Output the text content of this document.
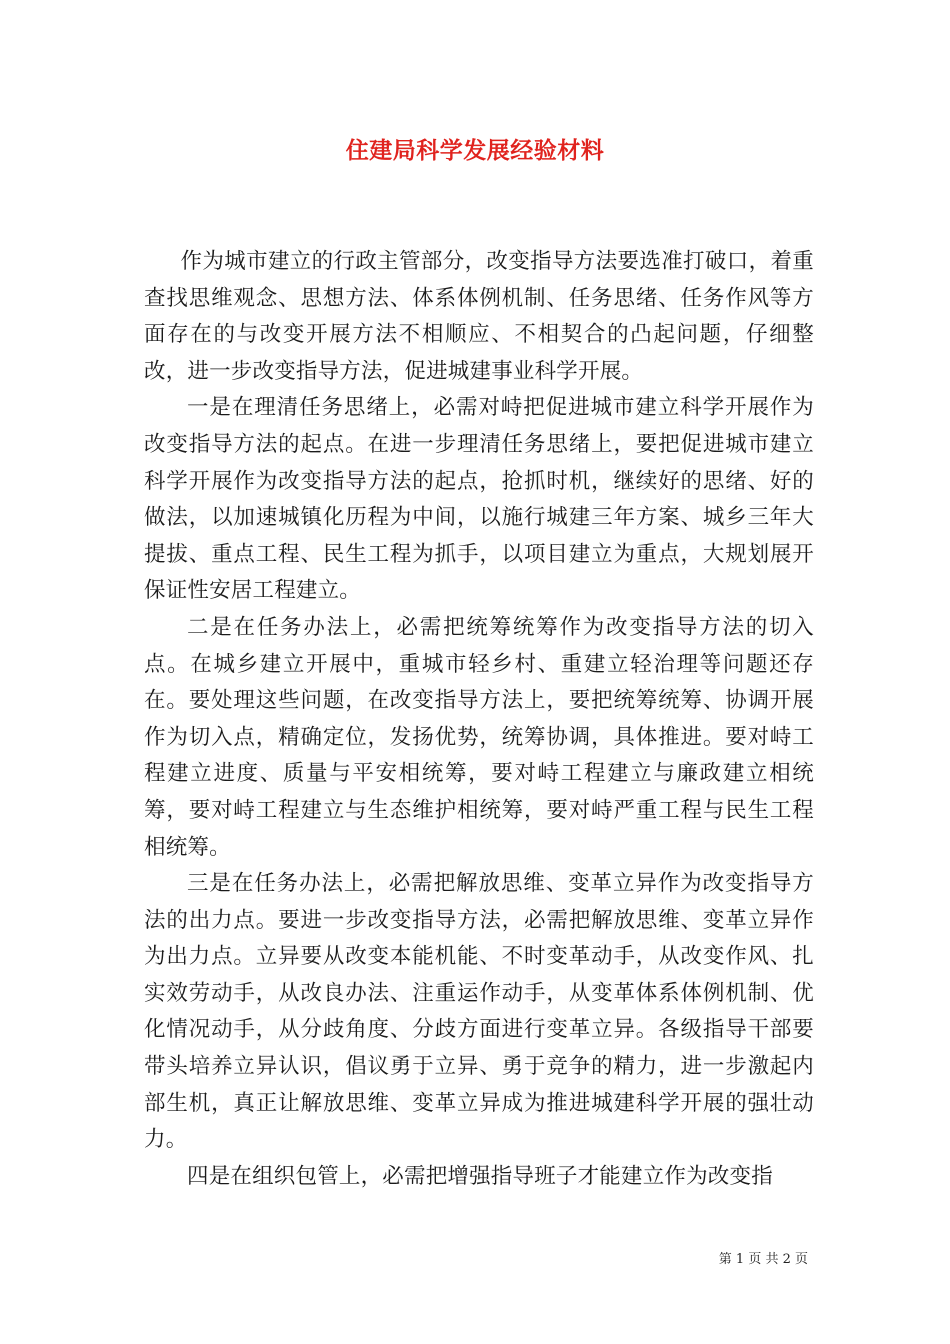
住建局科学发展经验材料

作为城市建立的行政主管部分，改变指导方法要选准打破口，着重查找思维观念、思想方法、体系体例机制、任务思绪、任务作风等方面存在的与改变开展方法不相顺应、不相契合的凸起问题，仔细整改，进一步改变指导方法，促进城建事业科学开展。

一是在理清任务思绪上，必需对峙把促进城市建立科学开展作为改变指导方法的起点。在进一步理清任务思绪上，要把促进城市建立科学开展作为改变指导方法的起点，抢抓时机，继续好的思绪、好的做法，以加速城镇化历程为中间，以施行城建三年方案、城乡三年大提拔、重点工程、民生工程为抓手，以项目建立为重点，大规划展开保证性安居工程建立。

二是在任务办法上，必需把统筹统筹作为改变指导方法的切入点。在城乡建立开展中，重城市轻乡村、重建立轻治理等问题还存在。要处理这些问题，在改变指导方法上，要把统筹统筹、协调开展作为切入点，精确定位，发扬优势，统筹协调，具体推进。要对峙工程建立进度、质量与平安相统筹，要对峙工程建立与廉政建立相统筹，要对峙工程建立与生态维护相统筹，要对峙严重工程与民生工程相统筹。

三是在任务办法上，必需把解放思维、变革立异作为改变指导方法的出力点。要进一步改变指导方法，必需把解放思维、变革立异作为出力点。立异要从改变本能机能、不时变革动手，从改变作风、扎实效劳动手，从改良办法、注重运作动手，从变革体系体例机制、优化情况动手，从分歧角度、分歧方面进行变革立异。各级指导干部要带头培养立异认识，倡议勇于立异、勇于竞争的精力，进一步激起内部生机，真正让解放思维、变革立异成为推进城建科学开展的强壮动力。

四是在组织包管上，必需把增强指导班子才能建立作为改变指

第 1 页 共 2 页
